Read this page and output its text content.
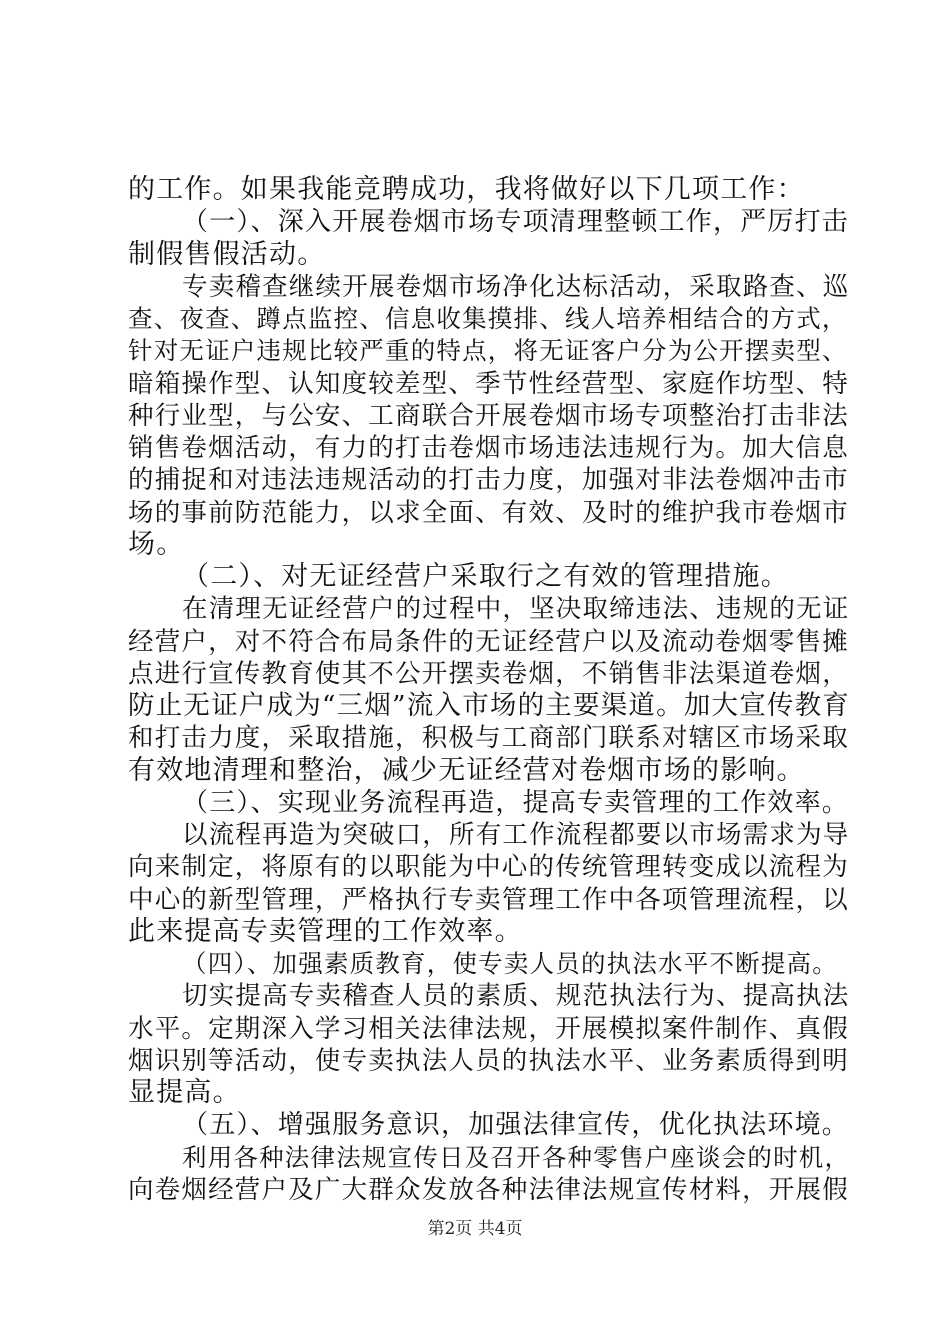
的工作。如果我能竞聘成功，我将做好以下几项工作：
（一）、深入开展卷烟市场专项清理整顿工作，严厉打击
制假售假活动。
专卖稽查继续开展卷烟市场净化达标活动，采取路查、巡
查、夜查、蹲点监控、信息收集摸排、线人培养相结合的方式，
针对无证户违规比较严重的特点，将无证客户分为公开摆卖型、
暗箱操作型、认知度较差型、季节性经营型、家庭作坊型、特
种行业型，与公安、工商联合开展卷烟市场专项整治打击非法
销售卷烟活动，有力的打击卷烟市场违法违规行为。加大信息
的捕捉和对违法违规活动的打击力度，加强对非法卷烟冲击市
场的事前防范能力，以求全面、有效、及时的维护我市卷烟市
场。
（二）、对无证经营户采取行之有效的管理措施。
在清理无证经营户的过程中，坚决取缔违法、违规的无证
经营户，对不符合布局条件的无证经营户以及流动卷烟零售摊
点进行宣传教育使其不公开摆卖卷烟，不销售非法渠道卷烟，
防止无证户成为“三烟”流入市场的主要渠道。加大宣传教育
和打击力度，采取措施，积极与工商部门联系对辖区市场采取
有效地清理和整治，减少无证经营对卷烟市场的影响。
（三）、实现业务流程再造，提高专卖管理的工作效率。
以流程再造为突破口，所有工作流程都要以市场需求为导
向来制定，将原有的以职能为中心的传统管理转变成以流程为
中心的新型管理，严格执行专卖管理工作中各项管理流程，以
此来提高专卖管理的工作效率。
（四）、加强素质教育，使专卖人员的执法水平不断提高。
切实提高专卖稽查人员的素质、规范执法行为、提高执法
水平。定期深入学习相关法律法规，开展模拟案件制作、真假
烟识别等活动，使专卖执法人员的执法水平、业务素质得到明
显提高。
（五）、增强服务意识，加强法律宣传，优化执法环境。
利用各种法律法规宣传日及召开各种零售户座谈会的时机，
向卷烟经营户及广大群众发放各种法律法规宣传材料，开展假
第2页 共4页
